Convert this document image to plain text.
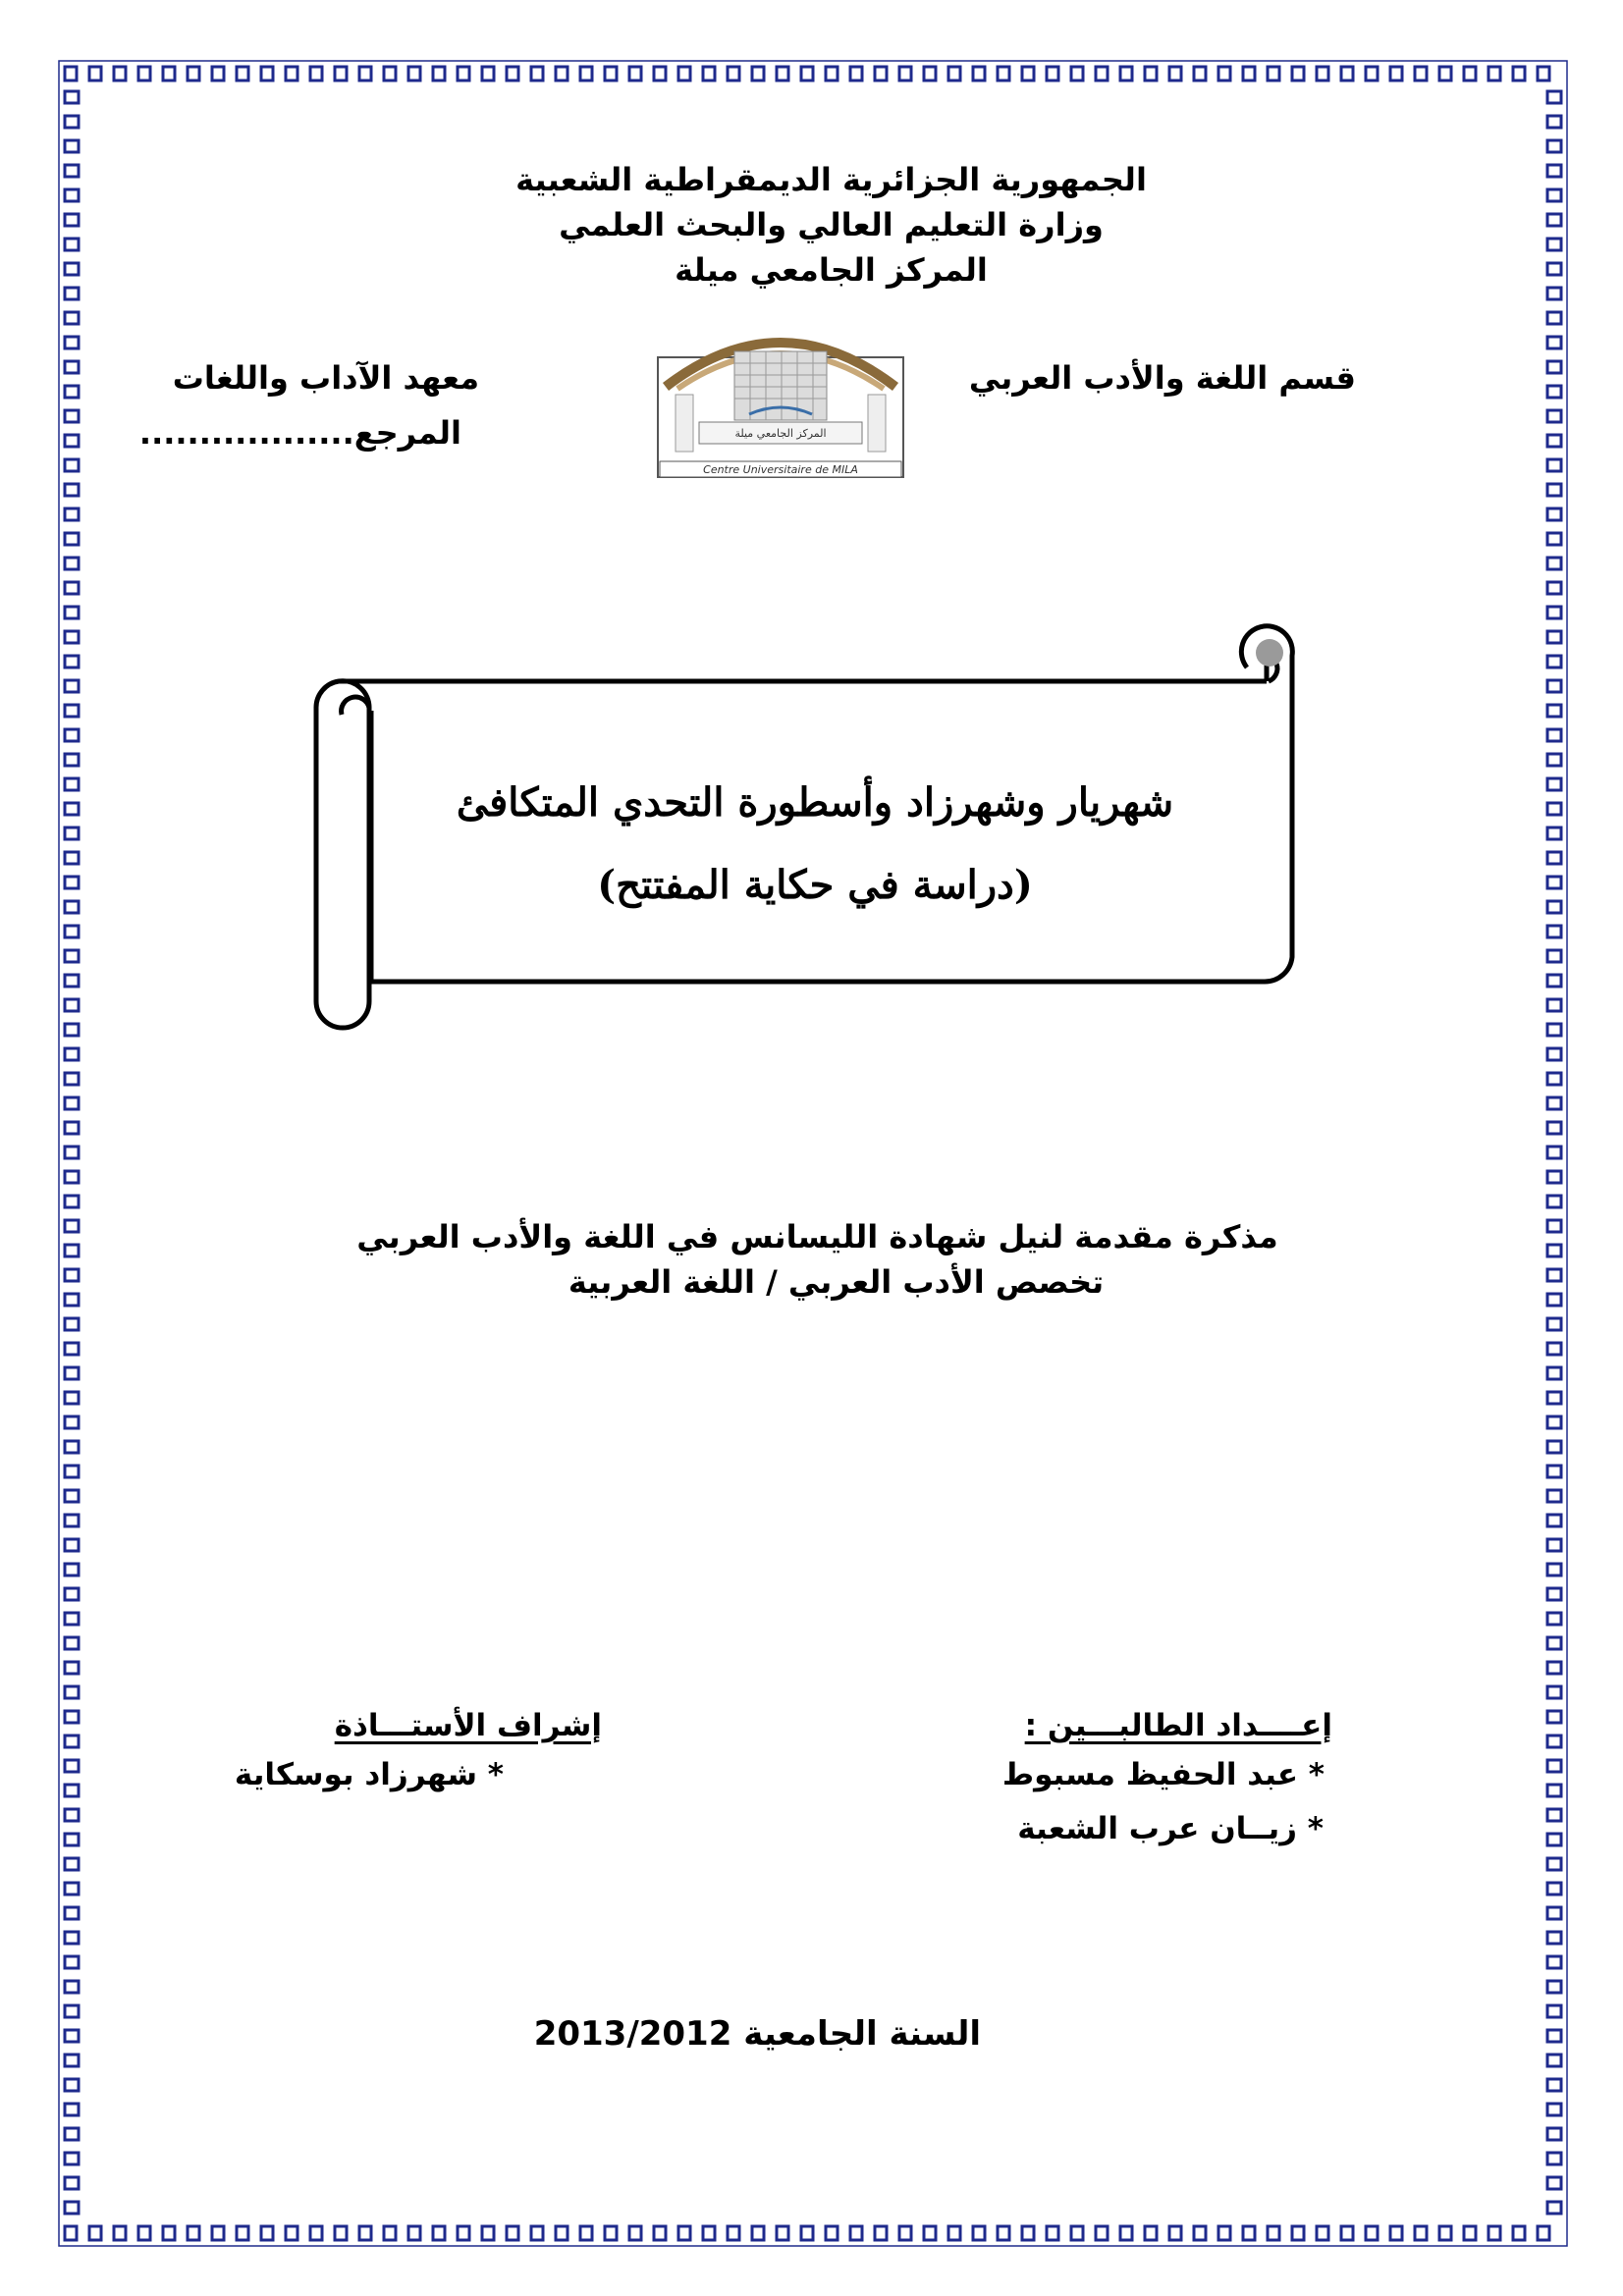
الجمهورية الجزائرية الديمقراطية الشعبية
وزارة التعليم العالي والبحث العلمي
المركز الجامعي ميلة
قسم اللغة والأدب العربي
معهد الآداب واللغات
المرجع..................	المركز الجامعي ميلة
Centre Universitaire de MILA
شهريار وشهرزاد وأسطورة التحدي المتكافئ
(دراسة في حكاية المفتتح)
مذكرة مقدمة لنيل شهادة الليسانس في اللغة والأدب العربي
تخصص الأدب العربي / اللغة العربية
إعــــداد الطالبـــين :
* عبد الحفيظ مسبوط
* زيــان عرب الشعبة
إشراف الأستـــاذة
* شهرزاد بوسكاية
السنة الجامعية 2013/2012
